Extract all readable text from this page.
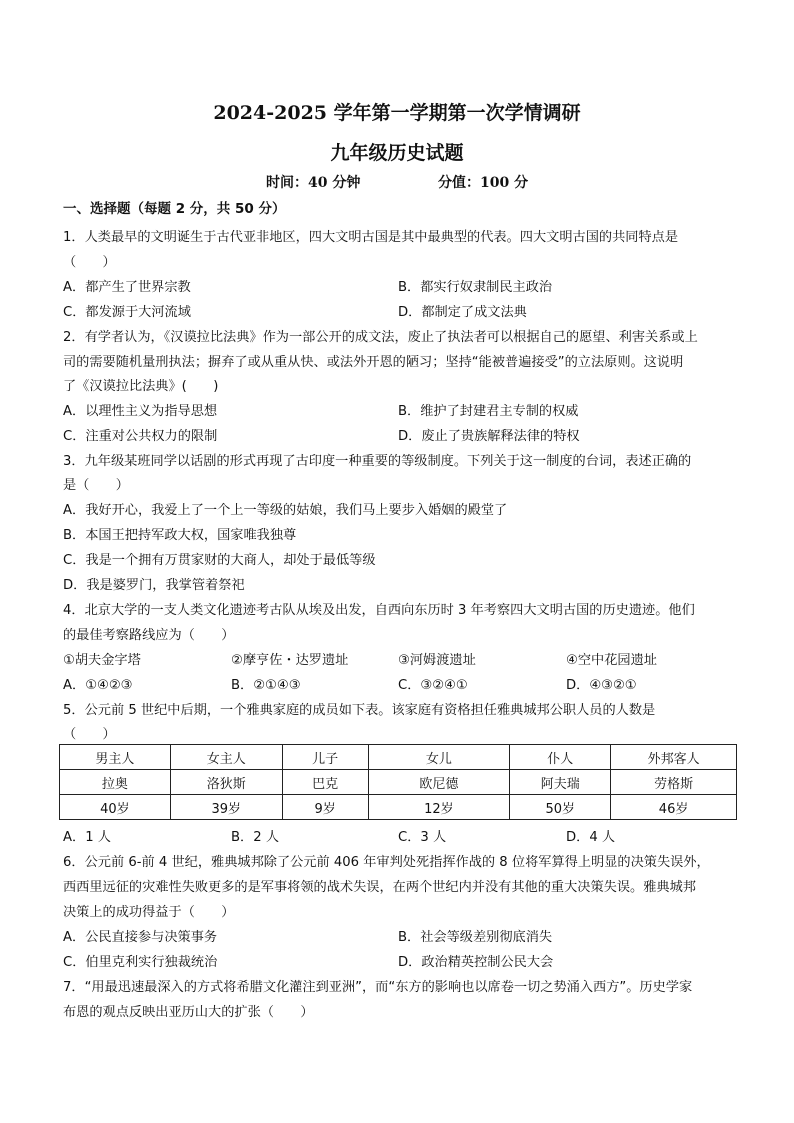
2024-2025 学年第一学期第一次学情调研
九年级历史试题
时间：40 分钟	分值：100 分
一、选择题（每题 2 分，共 50 分）
1．人类最早的文明诞生于古代亚非地区，四大文明古国是其中最典型的代表。四大文明古国的共同特点是
（　　）
A．都产生了世界宗教	B．都实行奴隶制民主政治
C．都发源于大河流域	D．都制定了成文法典
2．有学者认为，《汉谟拉比法典》作为一部公开的成文法，废止了执法者可以根据自己的愿望、利害关系或上
司的需要随机量刑执法；摒弃了或从重从快、或法外开恩的陋习；坚持“能被普遍接受”的立法原则。这说明
了《汉谟拉比法典》(　　)
A．以理性主义为指导思想	B．维护了封建君主专制的权威
C．注重对公共权力的限制	D．废止了贵族解释法律的特权
3．九年级某班同学以话剧的形式再现了古印度一种重要的等级制度。下列关于这一制度的台词，表述正确的
是（　　）
A．我好开心，我爱上了一个上一等级的姑娘，我们马上要步入婚姻的殿堂了
B．本国王把持军政大权，国家唯我独尊
C．我是一个拥有万贯家财的大商人，却处于最低等级
D．我是婆罗门，我掌管着祭祀
4．北京大学的一支人类文化遗迹考古队从埃及出发，自西向东历时 3 年考察四大文明古国的历史遗迹。他们
的最佳考察路线应为（　　）
①胡夫金字塔	②摩亨佐・达罗遗址	③河姆渡遗址	④空中花园遗址
A．①④②③	B．②①④③	C．③②④①	D．④③②①
5．公元前 5 世纪中后期，一个雅典家庭的成员如下表。该家庭有资格担任雅典城邦公职人员的人数是
（　　）
男主人	女主人	儿子	女儿	仆人	外邦客人
拉奥	洛狄斯	巴克	欧尼德	阿夫瑞	劳格斯
40岁	39岁	9岁	12岁	50岁	46岁
A．1 人	B．2 人	C．3 人	D．4 人
6．公元前 6-前 4 世纪，雅典城邦除了公元前 406 年审判处死指挥作战的 8 位将军算得上明显的决策失误外，
西西里远征的灾难性失败更多的是军事将领的战术失误，在两个世纪内并没有其他的重大决策失误。雅典城邦
决策上的成功得益于（　　）
A．公民直接参与决策事务	B．社会等级差别彻底消失
C．伯里克利实行独裁统治	D．政治精英控制公民大会
7．“用最迅速最深入的方式将希腊文化灌注到亚洲”，而“东方的影响也以席卷一切之势涌入西方”。历史学家
布恩的观点反映出亚历山大的扩张（　　）
